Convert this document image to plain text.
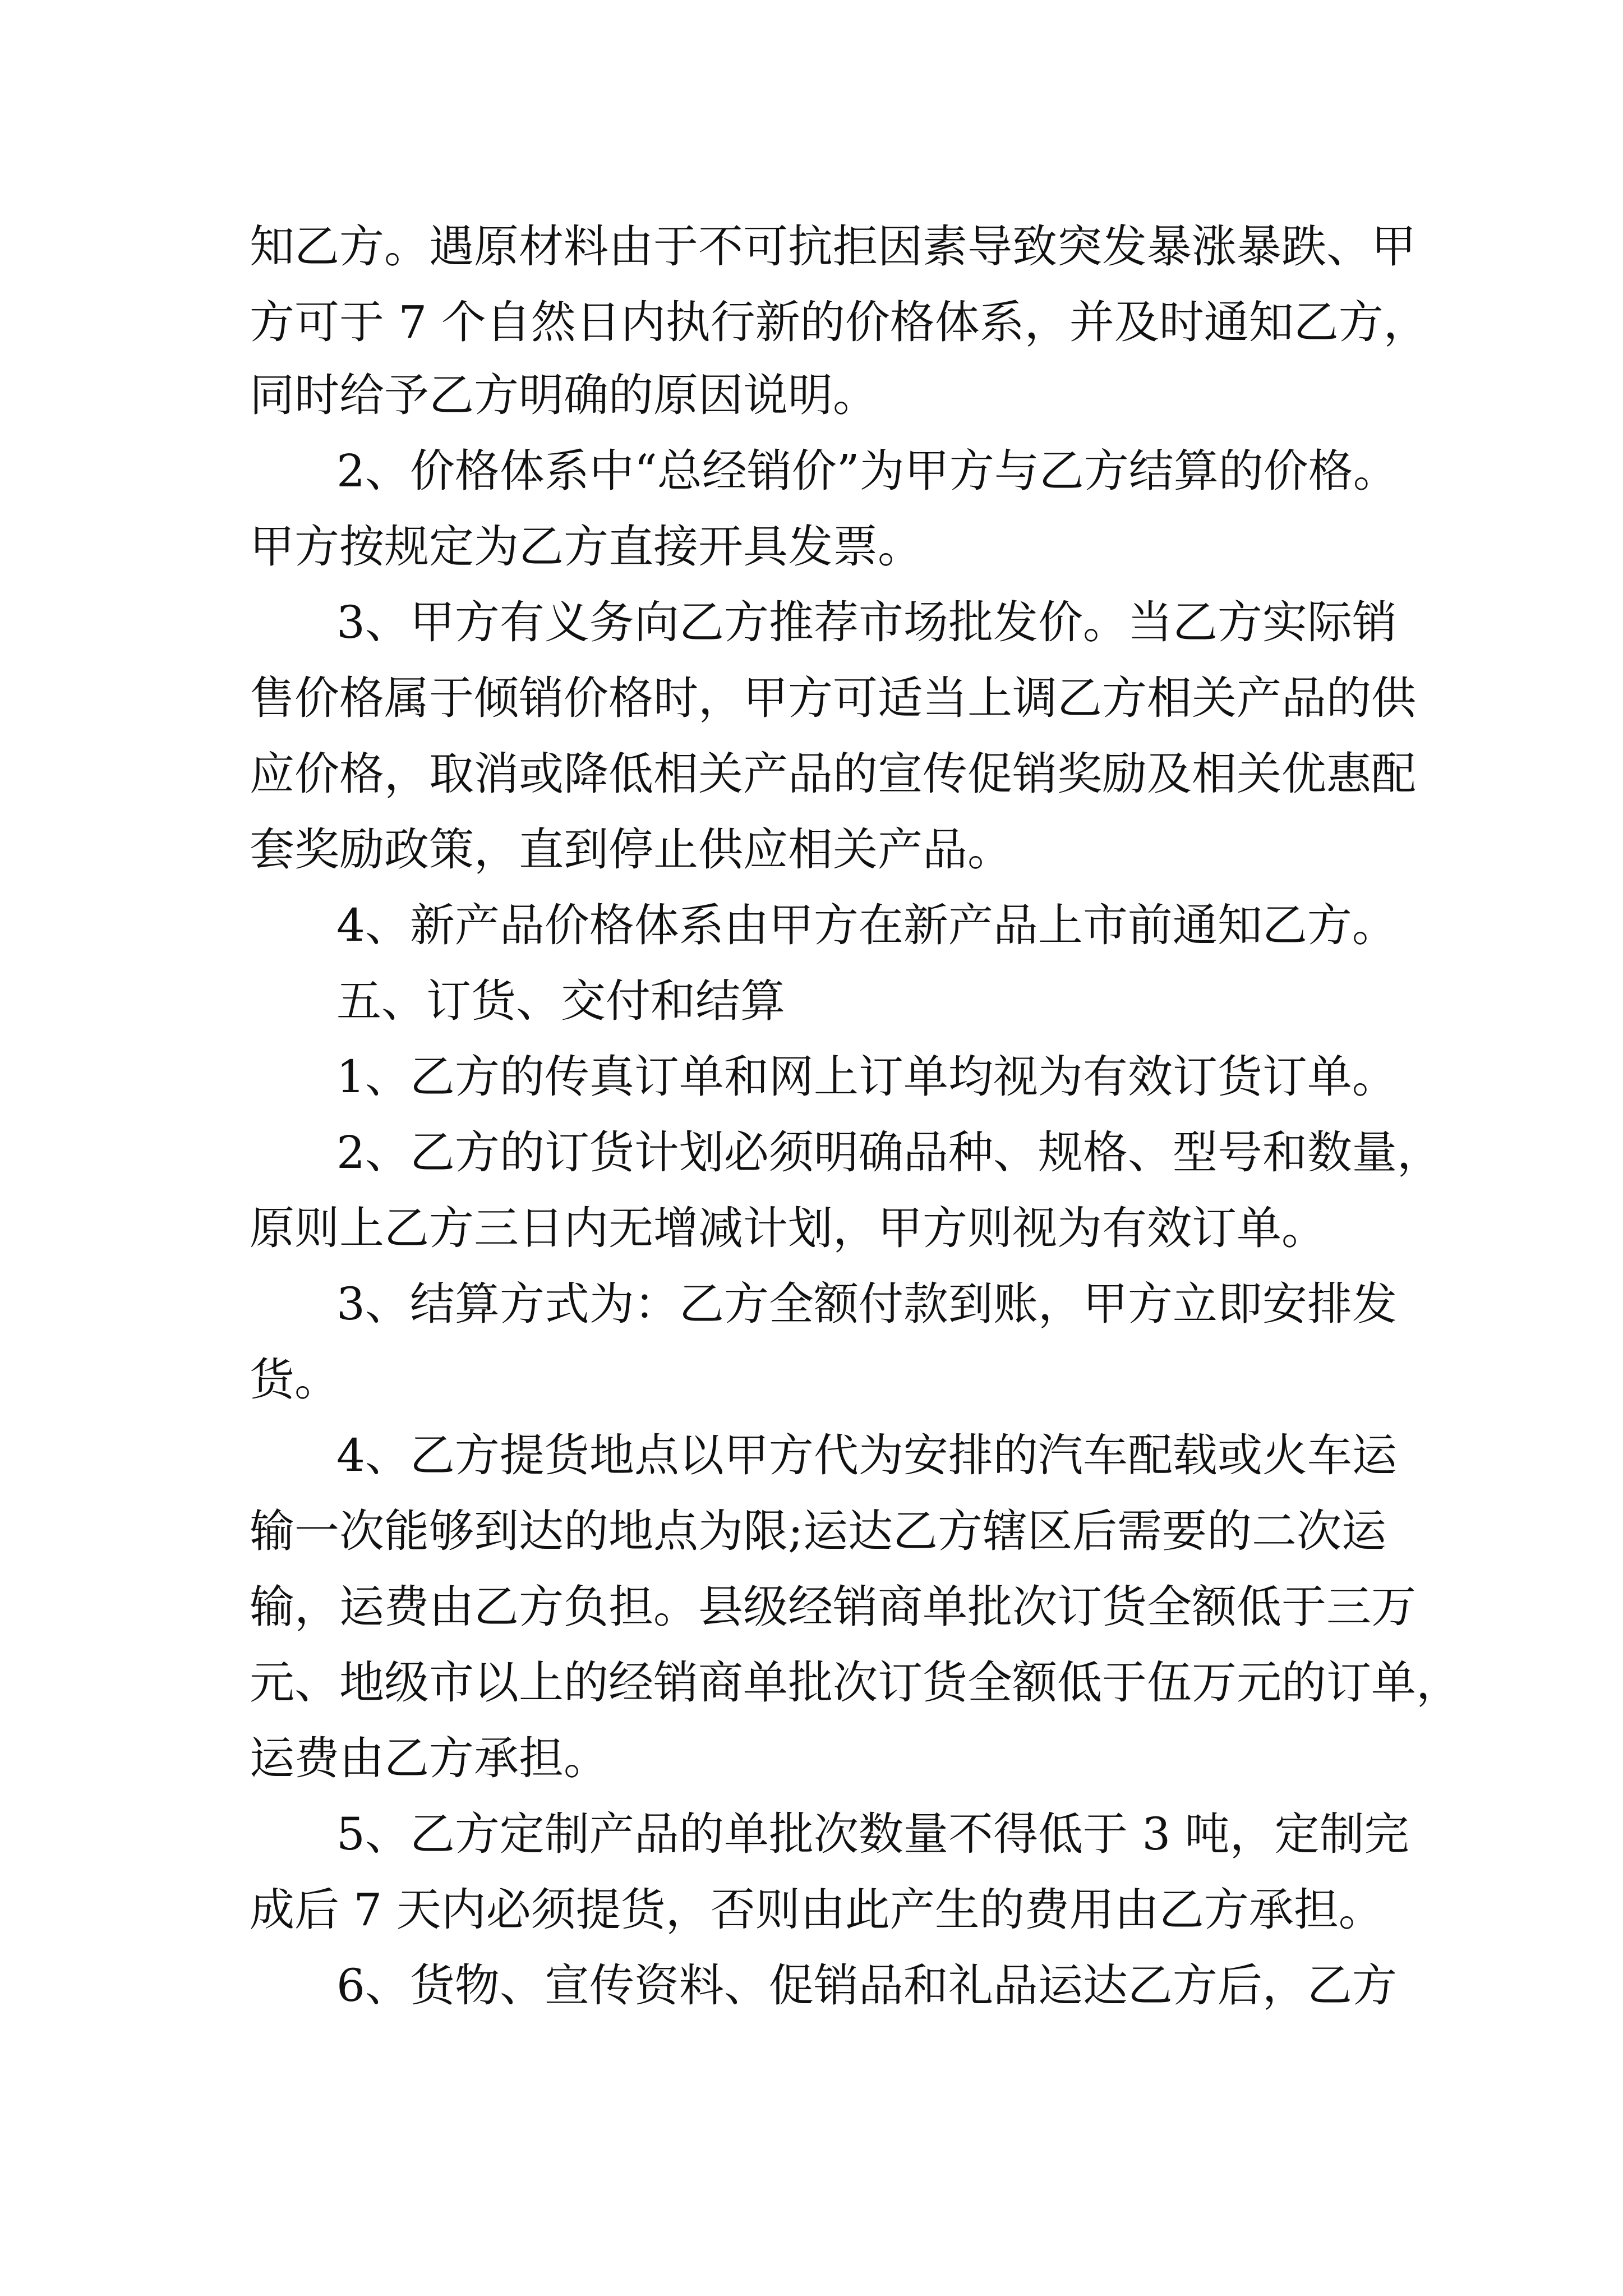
知乙方。遇原材料由于不可抗拒因素导致突发暴涨暴跌、甲

方可于 7 个自然日内执行新的价格体系，并及时通知乙方，

同时给予乙方明确的原因说明。

2、价格体系中“总经销价”为甲方与乙方结算的价格。

甲方按规定为乙方直接开具发票。

3、甲方有义务向乙方推荐市场批发价。当乙方实际销

售价格属于倾销价格时，甲方可适当上调乙方相关产品的供

应价格，取消或降低相关产品的宣传促销奖励及相关优惠配

套奖励政策，直到停止供应相关产品。

4、新产品价格体系由甲方在新产品上市前通知乙方。

五、订货、交付和结算

1、乙方的传真订单和网上订单均视为有效订货订单。

2、乙方的订货计划必须明确品种、规格、型号和数量，

原则上乙方三日内无增减计划，甲方则视为有效订单。

3、结算方式为：乙方全额付款到账，甲方立即安排发

货。

4、乙方提货地点以甲方代为安排的汽车配载或火车运

输一次能够到达的地点为限;运达乙方辖区后需要的二次运

输，运费由乙方负担。县级经销商单批次订货全额低于三万

元、地级市以上的经销商单批次订货全额低于伍万元的订单，

运费由乙方承担。

5、乙方定制产品的单批次数量不得低于 3 吨，定制完

成后 7 天内必须提货，否则由此产生的费用由乙方承担。

6、货物、宣传资料、促销品和礼品运达乙方后，乙方
